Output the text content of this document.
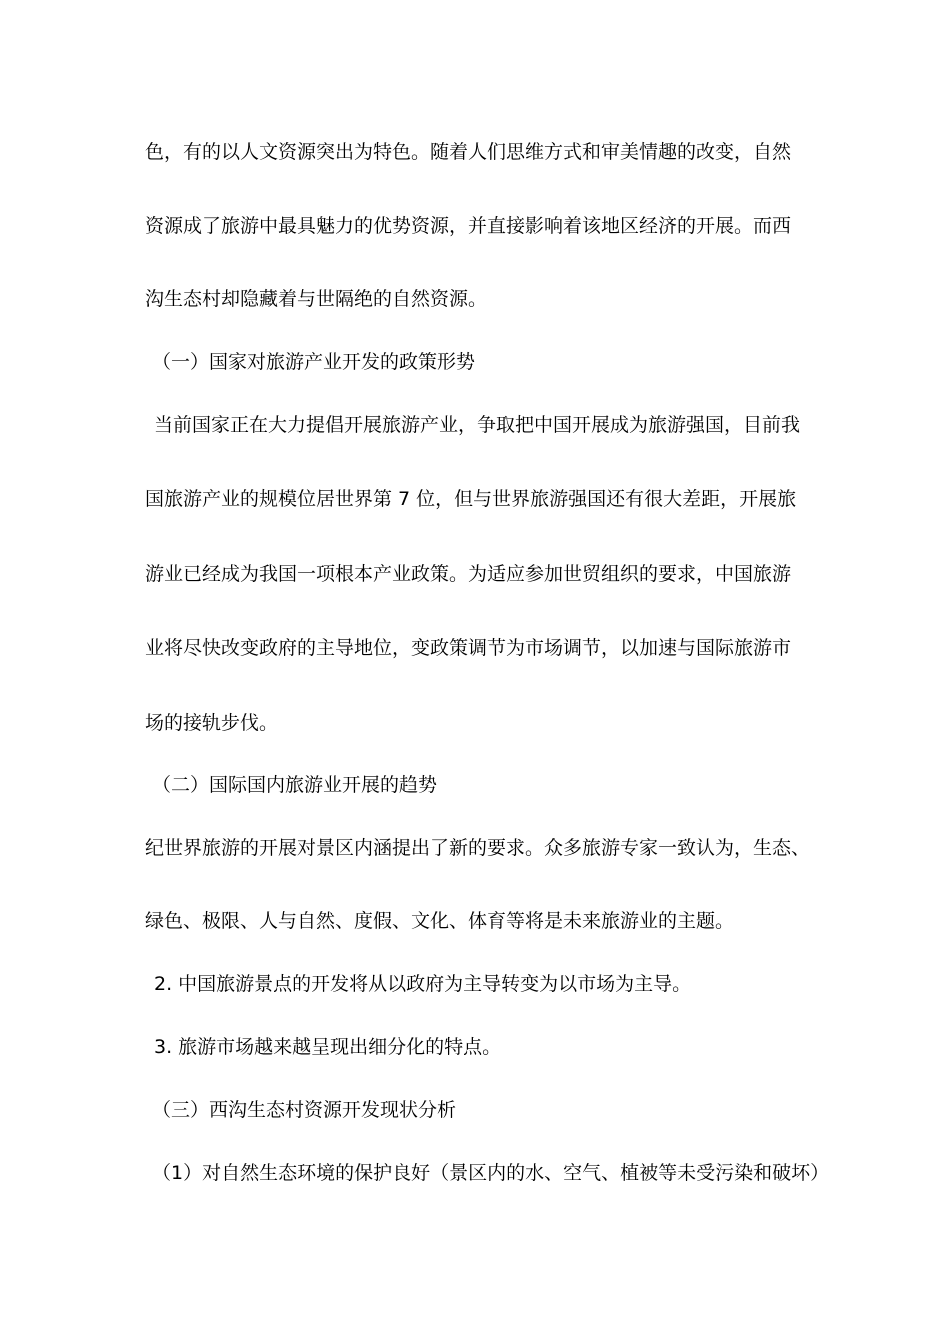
色，有的以人文资源突出为特色。随着人们思维方式和审美情趣的改变，自然
资源成了旅游中最具魅力的优势资源，并直接影响着该地区经济的开展。而西
沟生态村却隐藏着与世隔绝的自然资源。
（一）国家对旅游产业开发的政策形势
当前国家正在大力提倡开展旅游产业，争取把中国开展成为旅游强国，目前我
国旅游产业的规模位居世界第 7 位，但与世界旅游强国还有很大差距，开展旅
游业已经成为我国一项根本产业政策。为适应参加世贸组织的要求，中国旅游
业将尽快改变政府的主导地位，变政策调节为市场调节，以加速与国际旅游市
场的接轨步伐。
（二）国际国内旅游业开展的趋势
纪世界旅游的开展对景区内涵提出了新的要求。众多旅游专家一致认为，生态、
绿色、极限、人与自然、度假、文化、体育等将是未来旅游业的主题。
2. 中国旅游景点的开发将从以政府为主导转变为以市场为主导。
3. 旅游市场越来越呈现出细分化的特点。
（三）西沟生态村资源开发现状分析
（1）对自然生态环境的保护良好（景区内的水、空气、植被等未受污染和破坏）
